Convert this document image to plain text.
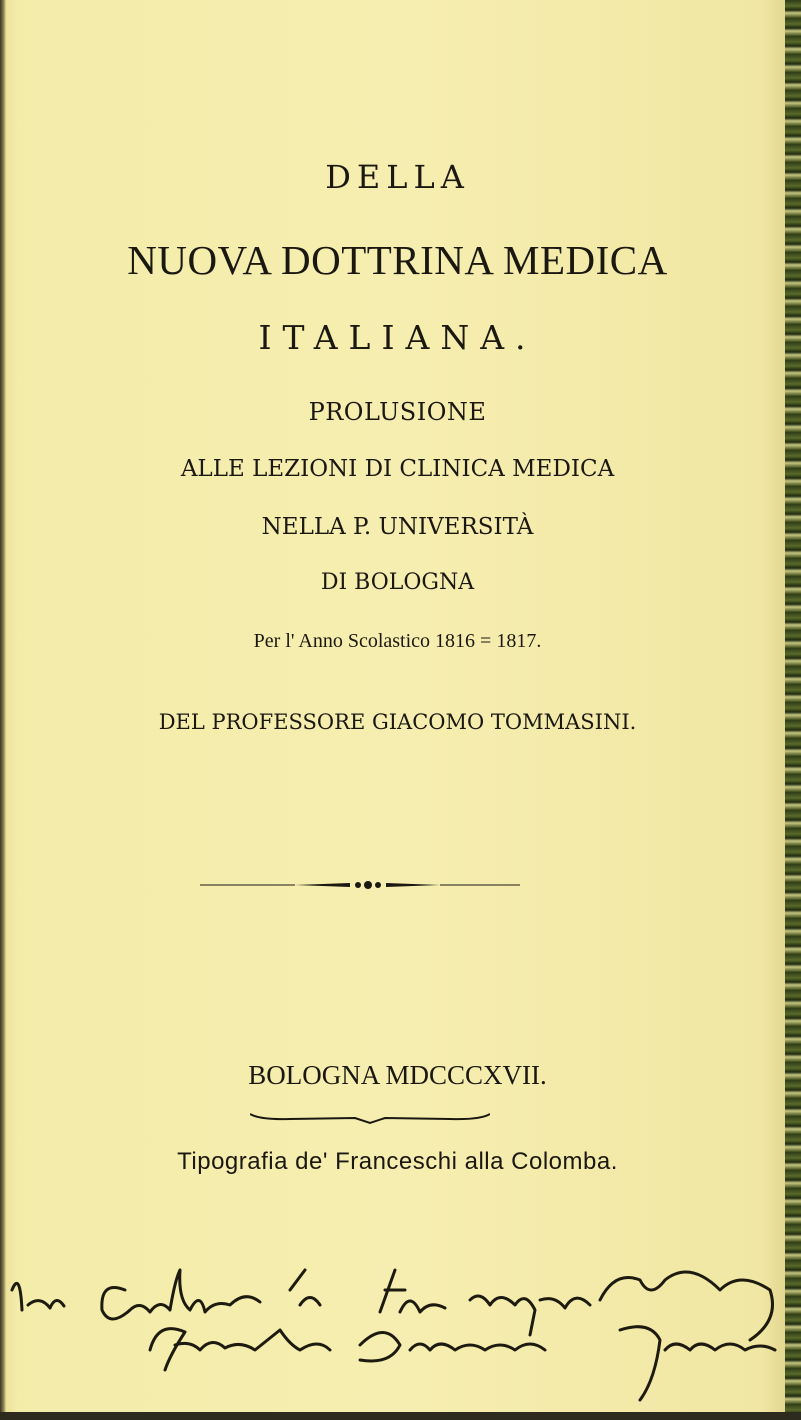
DELLA
NUOVA DOTTRINA MEDICA
ITALIANA.
PROLUSIONE
ALLE LEZIONI DI CLINICA MEDICA
NELLA P. UNIVERSITÀ
DI BOLOGNA
Per l' Anno Scolastico 1816 = 1817.
DEL PROFESSORE GIACOMO TOMMASINI.
BOLOGNA MDCCCXVII.
Tipografia de' Franceschi alla Colomba.
